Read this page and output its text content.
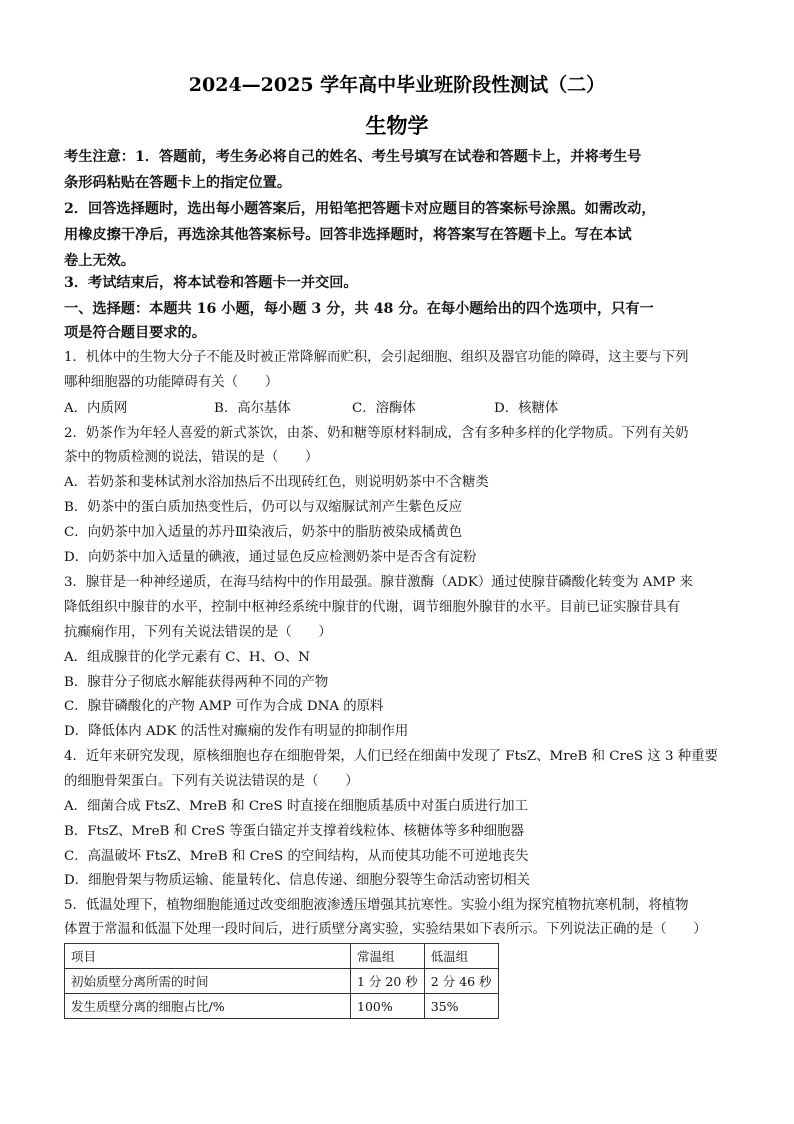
2024—2025 学年高中毕业班阶段性测试（二）
生物学
考生注意：1．答题前，考生务必将自己的姓名、考生号填写在试卷和答题卡上，并将考生号
条形码粘贴在答题卡上的指定位置。
2．回答选择题时，选出每小题答案后，用铅笔把答题卡对应题目的答案标号涂黑。如需改动，
用橡皮擦干净后，再选涂其他答案标号。回答非选择题时，将答案写在答题卡上。写在本试
卷上无效。
3．考试结束后，将本试卷和答题卡一并交回。
一、选择题：本题共 16 小题，每小题 3 分，共 48 分。在每小题给出的四个选项中，只有一
项是符合题目要求的。
1．机体中的生物大分子不能及时被正常降解而贮积，会引起细胞、组织及器官功能的障碍，这主要与下列
哪种细胞器的功能障碍有关（　　）
A．内质网	B．高尔基体	C．溶酶体	D．核糖体
2．奶茶作为年轻人喜爱的新式茶饮，由茶、奶和糖等原材料制成，含有多种多样的化学物质。下列有关奶
茶中的物质检测的说法，错误的是（　　）
A．若奶茶和斐林试剂水浴加热后不出现砖红色，则说明奶茶中不含糖类
B．奶茶中的蛋白质加热变性后，仍可以与双缩脲试剂产生紫色反应
C．向奶茶中加入适量的苏丹Ⅲ染液后，奶茶中的脂肪被染成橘黄色
D．向奶茶中加入适量的碘液，通过显色反应检测奶茶中是否含有淀粉
3．腺苷是一种神经递质，在海马结构中的作用最强。腺苷激酶（ADK）通过使腺苷磷酸化转变为 AMP 来
降低组织中腺苷的水平，控制中枢神经系统中腺苷的代谢，调节细胞外腺苷的水平。目前已证实腺苷具有
抗癫痫作用，下列有关说法错误的是（　　）
A．组成腺苷的化学元素有 C、H、O、N
B．腺苷分子彻底水解能获得两种不同的产物
C．腺苷磷酸化的产物 AMP 可作为合成 DNA 的原料
D．降低体内 ADK 的活性对癫痫的发作有明显的抑制作用
4．近年来研究发现，原核细胞也存在细胞骨架，人们已经在细菌中发现了 FtsZ、MreB 和 CreS 这 3 种重要
的细胞骨架蛋白。下列有关说法错误的是（　　）
A．细菌合成 FtsZ、MreB 和 CreS 时直接在细胞质基质中对蛋白质进行加工
B．FtsZ、MreB 和 CreS 等蛋白锚定并支撑着线粒体、核糖体等多种细胞器
C．高温破坏 FtsZ、MreB 和 CreS 的空间结构，从而使其功能不可逆地丧失
D．细胞骨架与物质运输、能量转化、信息传递、细胞分裂等生命活动密切相关
5．低温处理下，植物细胞能通过改变细胞液渗透压增强其抗寒性。实验小组为探究植物抗寒机制，将植物
体置于常温和低温下处理一段时间后，进行质壁分离实验，实验结果如下表所示。下列说法正确的是（　　）
项目	常温组	低温组
初始质壁分离所需的时间	1 分 20 秒	2 分 46 秒
发生质壁分离的细胞占比/%	100%	35%
